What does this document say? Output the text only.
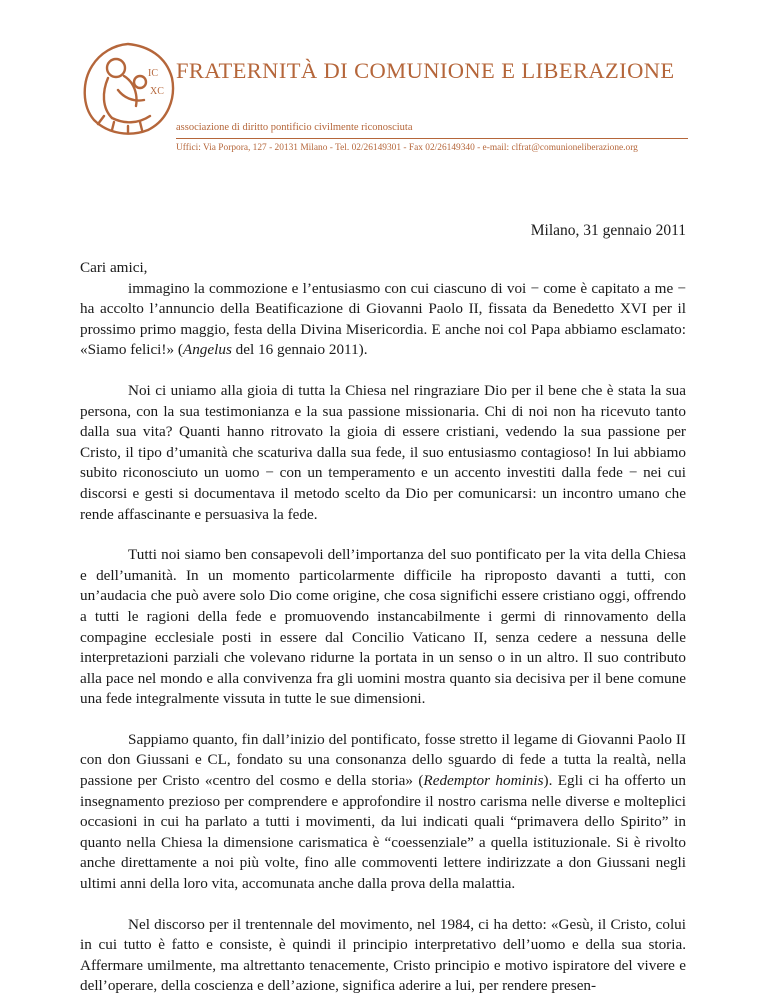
IC
XC
FRATERNITÀ DI COMUNIONE E LIBERAZIONE
associazione di diritto pontificio civilmente riconosciuta
Uffici: Via Porpora, 127 - 20131 Milano - Tel. 02/26149301 - Fax 02/26149340 - e-mail: clfrat@comunioneliberazione.org
Milano, 31 gennaio 2011

Cari amici,
immagino la commozione e l’entusiasmo con cui ciascuno di voi − come è capitato a me − ha accolto l’annuncio della Beatificazione di Giovanni Paolo II, fissata da Benedetto XVI per il prossimo primo maggio, festa della Divina Misericordia. E anche noi col Papa abbiamo esclamato: «Siamo felici!» (Angelus del 16 gennaio 2011).

Noi ci uniamo alla gioia di tutta la Chiesa nel ringraziare Dio per il bene che è stata la sua persona, con la sua testimonianza e la sua passione missionaria. Chi di noi non ha ricevuto tanto dalla sua vita? Quanti hanno ritrovato la gioia di essere cristiani, vedendo la sua passione per Cristo, il tipo d’umanità che scaturiva dalla sua fede, il suo entusiasmo contagioso! In lui abbiamo subito riconosciuto un uomo − con un temperamento e un accento investiti dalla fede − nei cui discorsi e gesti si documentava il metodo scelto da Dio per comunicarsi: un incontro umano che rende affascinante e persuasiva la fede.

Tutti noi siamo ben consapevoli dell’importanza del suo pontificato per la vita della Chiesa e dell’umanità. In un momento particolarmente difficile ha riproposto davanti a tutti, con un’audacia che può avere solo Dio come origine, che cosa significhi essere cristiano oggi, offrendo a tutti le ragioni della fede e promuovendo instancabilmente i germi di rinnovamento della compagine ecclesiale posti in essere dal Concilio Vaticano II, senza cedere a nessuna delle interpretazioni parziali che volevano ridurne la portata in un senso o in un altro. Il suo contributo alla pace nel mondo e alla convivenza fra gli uomini mostra quanto sia decisiva per il bene comune una fede integralmente vissuta in tutte le sue dimensioni.

Sappiamo quanto, fin dall’inizio del pontificato, fosse stretto il legame di Giovanni Paolo II con don Giussani e CL, fondato su una consonanza dello sguardo di fede a tutta la realtà, nella passione per Cristo «centro del cosmo e della storia» (Redemptor hominis). Egli ci ha offerto un insegnamento prezioso per comprendere e approfondire il nostro carisma nelle diverse e molteplici occasioni in cui ha parlato a tutti i movimenti, da lui indicati quali “primavera dello Spirito” in quanto nella Chiesa la dimensione carismatica è “coessenziale” a quella istituzionale. Si è rivolto anche direttamente a noi più volte, fino alle commoventi lettere indirizzate a don Giussani negli ultimi anni della loro vita, accomunata anche dalla prova della malattia.

Nel discorso per il trentennale del movimento, nel 1984, ci ha detto: «Gesù, il Cristo, colui in cui tutto è fatto e consiste, è quindi il principio interpretativo dell’uomo e della sua storia. Affermare umilmente, ma altrettanto tenacemente, Cristo principio e motivo ispiratore del vivere e dell’operare, della coscienza e dell’azione, significa aderire a lui, per rendere presen-
